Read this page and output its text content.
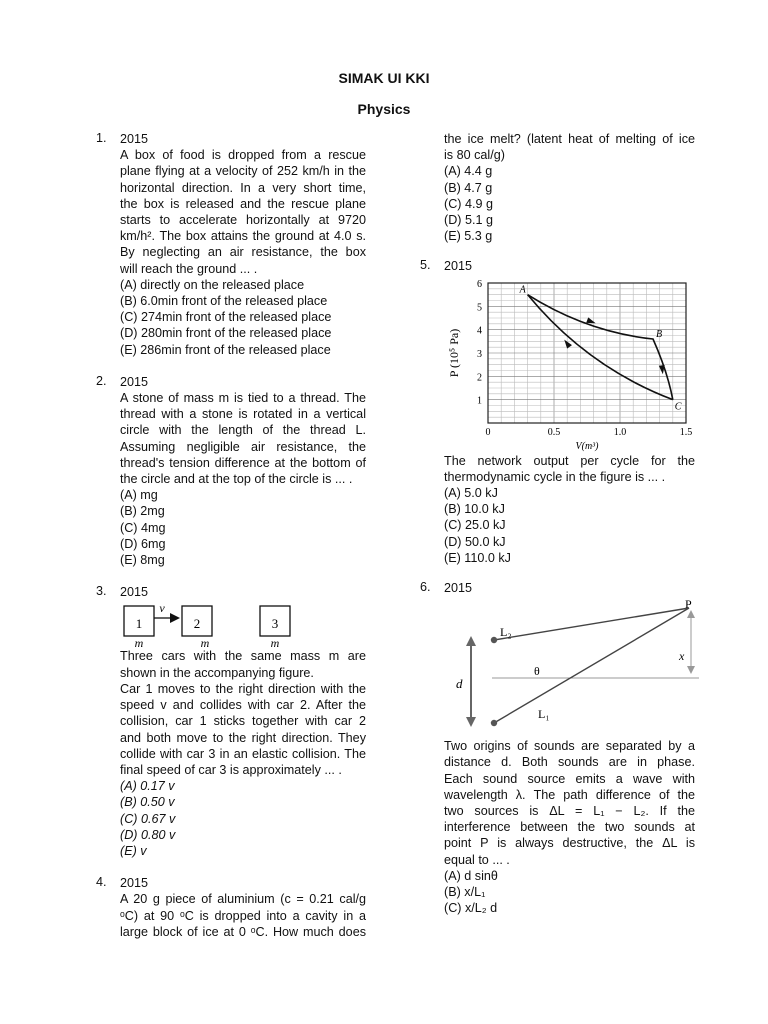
SIMAK UI KKI
Physics
1. 2015
A box of food is dropped from a rescue
plane flying at a velocity of 252 km/h in the
horizontal direction. In a very short time,
the box is released and the rescue plane
starts to accelerate horizontally at 9720
km/h². The box attains the ground at 4.0 s.
By neglecting an air resistance, the box
will reach the ground ... .
(A) directly on the released place
(B) 6.0min front of the released place
(C) 274min front of the released place
(D) 280min front of the released place
(E) 286min front of the released place
2. 2015
A stone of mass m is tied to a thread. The
thread with a stone is rotated in a vertical
circle with the length of the thread L.
Assuming negligible air resistance, the
thread's tension difference at the bottom of
the circle and at the top of the circle is ... .
(A) mg
(B) 2mg
(C) 4mg
(D) 6mg
(E) 8mg
3. 2015
1
v
2	3
m	m	m
Three cars with the same mass m are
shown in the accompanying figure.
Car 1 moves to the right direction with the
speed v and collides with car 2. After the
collision, car 1 sticks together with car 2
and both move to the right direction. They
collide with car 3 in an elastic collision. The
final speed of car 3 is approximately ... .
(A) 0.17 v
(B) 0.50 v
(C) 0.67 v
(D) 0.80 v
(E) v
4. 2015
A 20 g piece of aluminium (c = 0.21 cal/g
ᵒC) at 90 ᵒC is dropped into a cavity in a
large block of ice at 0 ᵒC. How much does
the ice melt? (latent heat of melting of ice
is 80 cal/g)
(A) 4.4 g
(B) 4.7 g
(C) 4.9 g
(D) 5.1 g
(E) 5.3 g
5. 2015
0	0.5	1.0	1.5
1
2
3
4
5
6
V(m³)
P (10⁵ Pa)
A
B
C
The network output per cycle for the
thermodynamic cycle in the figure is ... .
(A) 5.0 kJ
(B) 10.0 kJ
(C) 25.0 kJ
(D) 50.0 kJ
(E) 110.0 kJ
6. 2015
P
L₂
L₁
θ
d
x
Two origins of sounds are separated by a
distance d. Both sounds are in phase.
Each sound source emits a wave with
wavelength λ. The path difference of the
two sources is ΔL = L₁ − L₂. If the
interference between the two sounds at
point P is always destructive, the ΔL is
equal to ... .
(A) d sinθ
(B) x/L₁
(C) x/L₂ d
